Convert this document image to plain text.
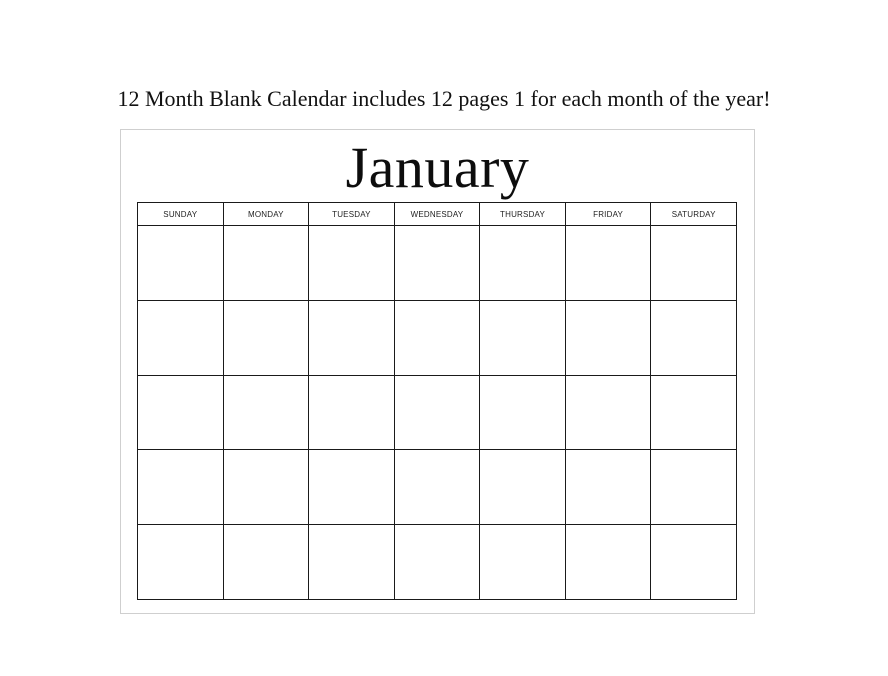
12 Month Blank Calendar includes 12 pages 1 for each month of the year!
January
SUNDAY	MONDAY	TUESDAY	WEDNESDAY	THURSDAY	FRIDAY	SATURDAY
